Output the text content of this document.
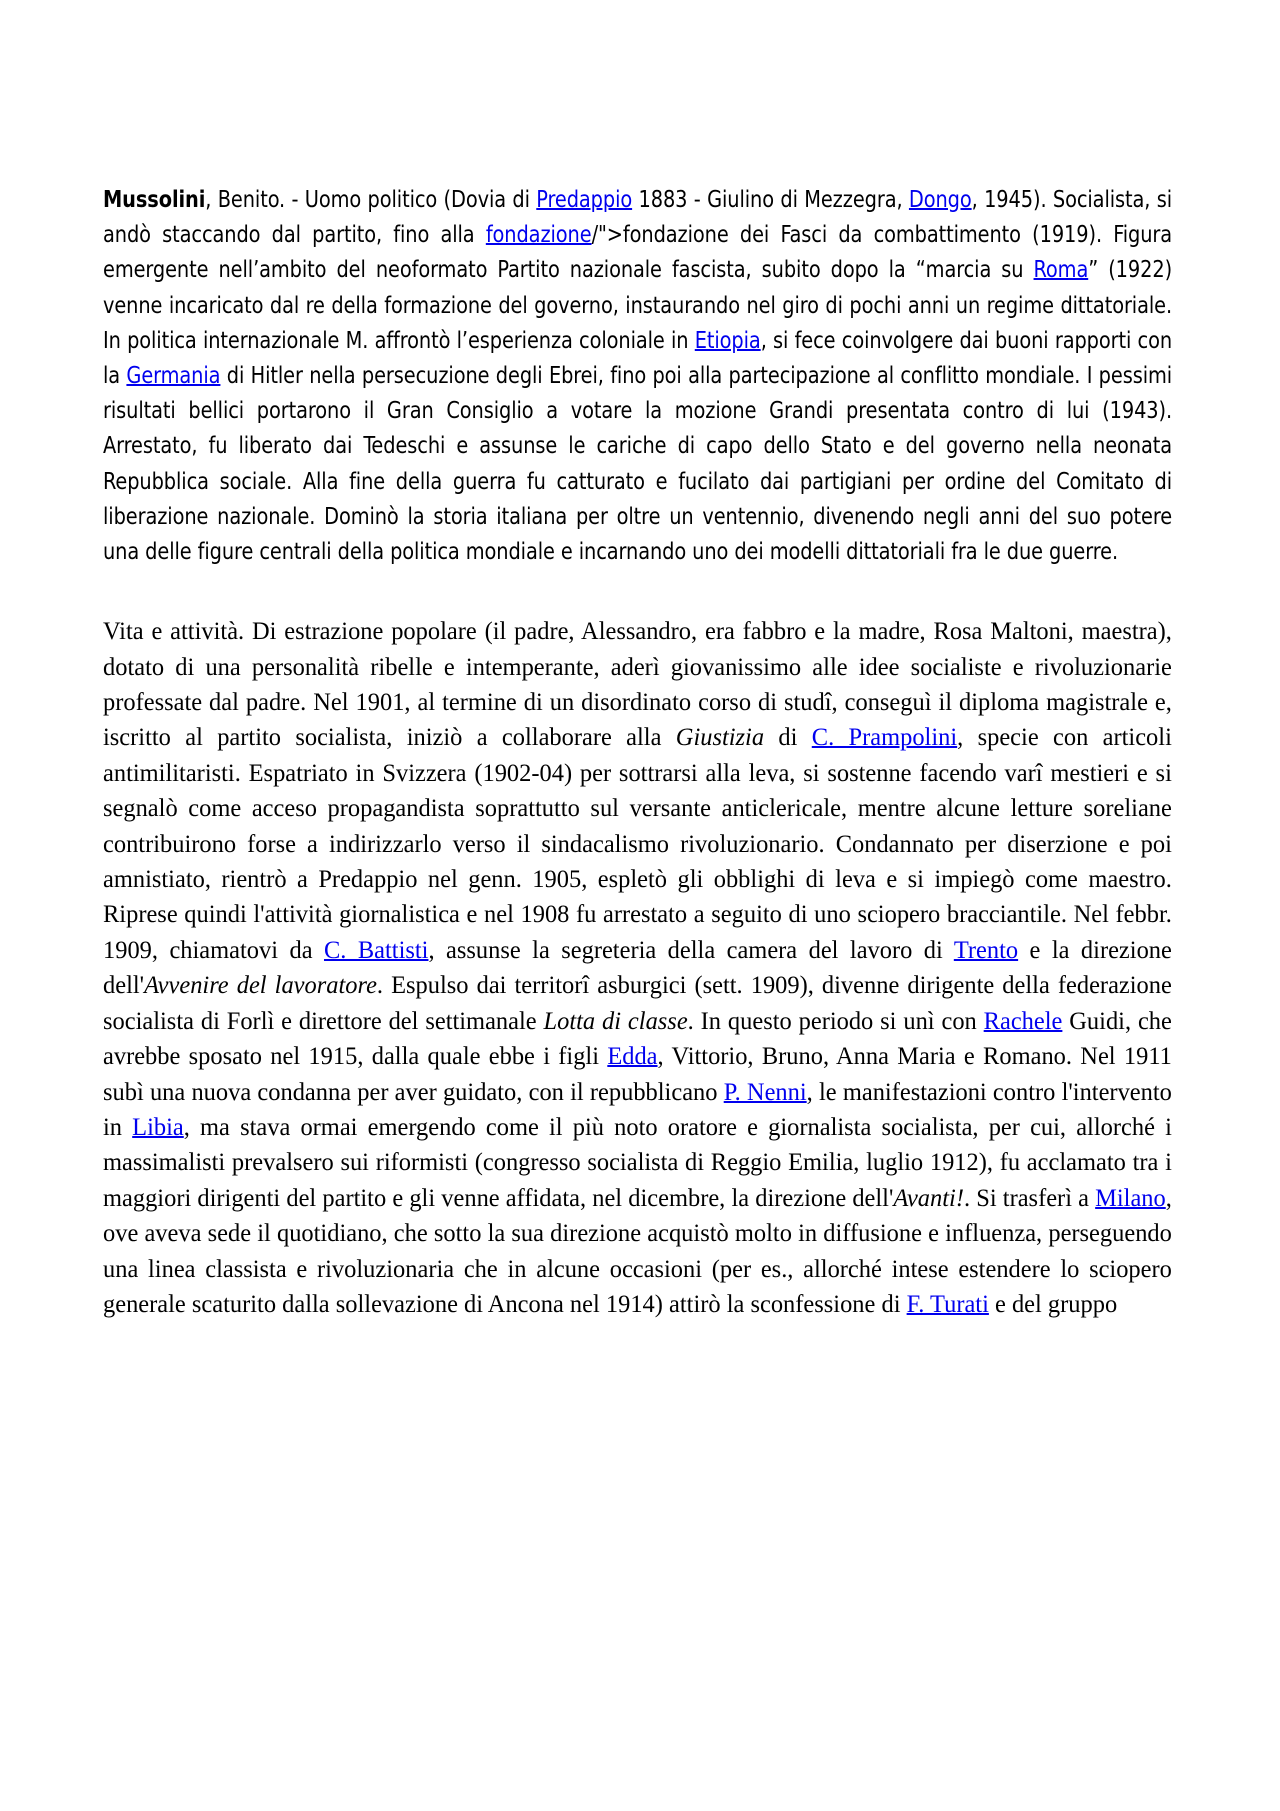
Mussolini, Benito. - Uomo politico (Dovia di Predappio 1883 - Giulino di Mezzegra, Dongo, 1945). Socialista, si andò staccando dal partito, fino alla fondazione/">fondazione dei Fasci da combattimento (1919). Figura emergente nell’ambito del neoformato Partito nazionale fascista, subito dopo la “marcia su Roma” (1922) venne incaricato dal re della formazione del governo, instaurando nel giro di pochi anni un regime dittatoriale. In politica internazionale M. affrontò l’esperienza coloniale in Etiopia, si fece coinvolgere dai buoni rapporti con la Germania di Hitler nella persecuzione degli Ebrei, fino poi alla partecipazione al conflitto mondiale. I pessimi risultati bellici portarono il Gran Consiglio a votare la mozione Grandi presentata contro di lui (1943). Arrestato, fu liberato dai Tedeschi e assunse le cariche di capo dello Stato e del governo nella neonata Repubblica sociale. Alla fine della guerra fu catturato e fucilato dai partigiani per ordine del Comitato di liberazione nazionale. Dominò la storia italiana per oltre un ventennio, divenendo negli anni del suo potere una delle figure centrali della politica mondiale e incarnando uno dei modelli dittatoriali fra le due guerre.

Vita e attività. Di estrazione popolare (il padre, Alessandro, era fabbro e la madre, Rosa Maltoni, maestra), dotato di una personalità ribelle e intemperante, aderì giovanissimo alle idee socialiste e rivoluzionarie professate dal padre. Nel 1901, al termine di un disordinato corso di studî, conseguì il diploma magistrale e, iscritto al partito socialista, iniziò a collaborare alla Giustizia di C. Prampolini, specie con articoli antimilitaristi. Espatriato in Svizzera (1902-04) per sottrarsi alla leva, si sostenne facendo varî mestieri e si segnalò come acceso propagandista soprattutto sul versante anticlericale, mentre alcune letture soreliane contribuirono forse a indirizzarlo verso il sindacalismo rivoluzionario. Condannato per diserzione e poi amnistiato, rientrò a Predappio nel genn. 1905, espletò gli obblighi di leva e si impiegò come maestro. Riprese quindi l'attività giornalistica e nel 1908 fu arrestato a seguito di uno sciopero bracciantile. Nel febbr. 1909, chiamatovi da C. Battisti, assunse la segreteria della camera del lavoro di Trento e la direzione dell'Avvenire del lavoratore. Espulso dai territorî asburgici (sett. 1909), divenne dirigente della federazione socialista di Forlì e direttore del settimanale Lotta di classe. In questo periodo si unì con Rachele Guidi, che avrebbe sposato nel 1915, dalla quale ebbe i figli Edda, Vittorio, Bruno, Anna Maria e Romano. Nel 1911 subì una nuova condanna per aver guidato, con il repubblicano P. Nenni, le manifestazioni contro l'intervento in Libia, ma stava ormai emergendo come il più noto oratore e giornalista socialista, per cui, allorché i massimalisti prevalsero sui riformisti (congresso socialista di Reggio Emilia, luglio 1912), fu acclamato tra i maggiori dirigenti del partito e gli venne affidata, nel dicembre, la direzione dell'Avanti!. Si trasferì a Milano, ove aveva sede il quotidiano, che sotto la sua direzione acquistò molto in diffusione e influenza, perseguendo una linea classista e rivoluzionaria che in alcune occasioni (per es., allorché intese estendere lo sciopero generale scaturito dalla sollevazione di Ancona nel 1914) attirò la sconfessione di F. Turati e del gruppo
